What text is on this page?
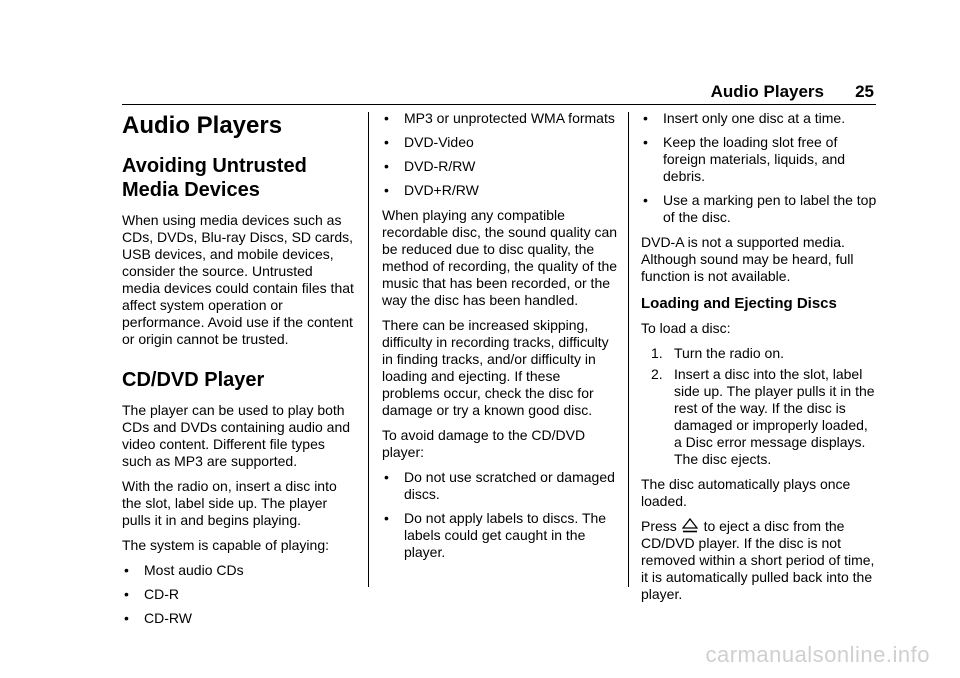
Audio Players 25
Audio Players
Avoiding Untrusted Media Devices

When using media devices such as CDs, DVDs, Blu-ray Discs, SD cards, USB devices, and mobile devices, consider the source. Untrusted media devices could contain files that affect system operation or performance. Avoid use if the content or origin cannot be trusted.

CD/DVD Player

The player can be used to play both CDs and DVDs containing audio and video content. Different file types such as MP3 are supported.

With the radio on, insert a disc into the slot, label side up. The player pulls it in and begins playing.

The system is capable of playing:

• Most audio CDs
• CD-R
• CD-RW
• MP3 or unprotected WMA formats
• DVD-Video
• DVD-R/RW
• DVD+R/RW

When playing any compatible recordable disc, the sound quality can be reduced due to disc quality, the method of recording, the quality of the music that has been recorded, or the way the disc has been handled.

There can be increased skipping, difficulty in recording tracks, difficulty in finding tracks, and/or difficulty in loading and ejecting. If these problems occur, check the disc for damage or try a known good disc.

To avoid damage to the CD/DVD player:

• Do not use scratched or damaged discs.
• Do not apply labels to discs. The labels could get caught in the player.
• Insert only one disc at a time.
• Keep the loading slot free of foreign materials, liquids, and debris.
• Use a marking pen to label the top of the disc.

DVD-A is not a supported media. Although sound may be heard, full function is not available.

Loading and Ejecting Discs

To load a disc:

1. Turn the radio on.
2. Insert a disc into the slot, label side up. The player pulls it in the rest of the way. If the disc is damaged or improperly loaded, a Disc error message displays. The disc ejects.

The disc automatically plays once loaded.

Press to eject a disc from the CD/DVD player. If the disc is not removed within a short period of time, it is automatically pulled back into the player.

carmanualsonline.info
